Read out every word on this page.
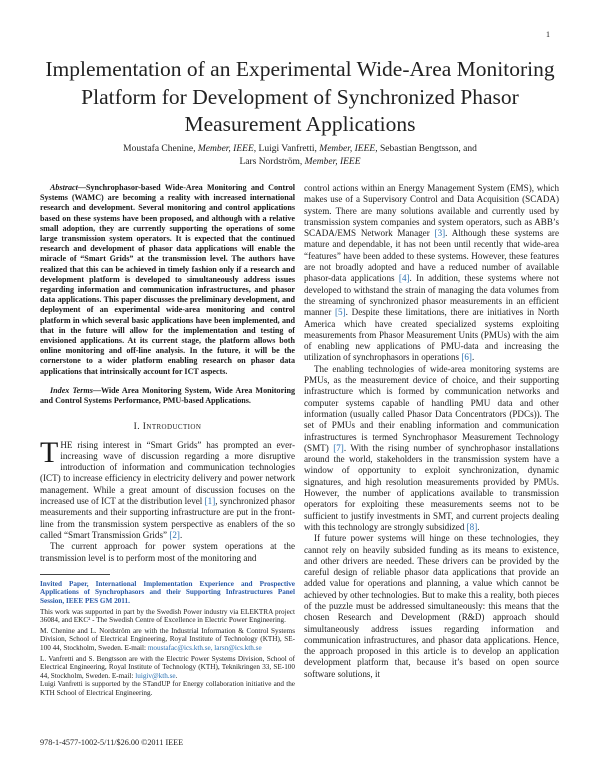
1
Implementation of an Experimental Wide-Area Monitoring Platform for Development of Synchronized Phasor Measurement Applications
Moustafa Chenine, Member, IEEE, Luigi Vanfretti, Member, IEEE, Sebastian Bengtsson, and
Lars Nordström, Member, IEEE

Abstract—Synchrophasor-based Wide-Area Monitoring and Control Systems (WAMC) are becoming a reality with increased international research and development. Several monitoring and control applications based on these systems have been proposed, and although with a relative small adoption, they are currently supporting the operations of some large transmission system operators. It is expected that the continued research and development of phasor data applications will enable the miracle of “Smart Grids” at the transmission level. The authors have realized that this can be achieved in timely fashion only if a research and development platform is developed to simultaneously address issues regarding information and communication infrastructures, and phasor data applications. This paper discusses the preliminary development, and deployment of an experimental wide-area monitoring and control platform in which several basic applications have been implemented, and that in the future will allow for the implementation and testing of envisioned applications. At its current stage, the platform allows both online monitoring and off-line analysis. In the future, it will be the cornerstone to a wider platform enabling research on phasor data applications that intrinsically account for ICT aspects.

Index Terms—Wide Area Monitoring System, Wide Area Monitoring and Control Systems Performance, PMU-based Applications.

I. Introduction

THE rising interest in “Smart Grids” has prompted an ever-increasing wave of discussion regarding a more disruptive introduction of information and communication technologies (ICT) to increase efficiency in electricity delivery and power network management. While a great amount of discussion focuses on the increased use of ICT at the distribution level [1], synchronized phasor measurements and their supporting infrastructure are put in the front-line from the transmission system perspective as enablers of the so called “Smart Transmission Grids” [2].

The current approach for power system operations at the transmission level is to perform most of the monitoring and

Invited Paper, International Implementation Experience and Prospective Applications of Synchrophasors and their Supporting Infrastructures Panel Session, IEEE PES GM 2011.

This work was supported in part by the Swedish Power industry via ELEKTRA project 36084, and EKC² - The Swedish Centre of Excellence in Electric Power Engineering.

M. Chenine and L. Nordström are with the Industrial Information & Control Systems Division, School of Electrical Engineering, Royal Institute of Technology (KTH), SE-100 44, Stockholm, Sweden. E-mail: moustafac@ics.kth.se, larsn@ics.kth.se

L. Vanfretti and S. Bengtsson are with the Electric Power Systems Division, School of Electrical Engineering, Royal Institute of Technology (KTH), Teknikringen 33, SE-100 44, Stockholm, Sweden. E-mail: luigiv@kth.se.

Luigi Vanfretti is supported by the STandUP for Energy collaboration initiative and the KTH School of Electrical Engineering.

978-1-4577-1002-5/11/$26.00 ©2011 IEEE

control actions within an Energy Management System (EMS), which makes use of a Supervisory Control and Data Acquisition (SCADA) system. There are many solutions available and currently used by transmission system companies and system operators, such as ABB’s SCADA/EMS Network Manager [3]. Although these systems are mature and dependable, it has not been until recently that wide-area “features” have been added to these systems. However, these features are not broadly adopted and have a reduced number of available phasor-data applications [4]. In addition, these systems where not developed to withstand the strain of managing the data volumes from the streaming of synchronized phasor measurements in an efficient manner [5]. Despite these limitations, there are initiatives in North America which have created specialized systems exploiting measurements from Phasor Measurement Units (PMUs) with the aim of enabling new applications of PMU-data and increasing the utilization of synchrophasors in operations [6].

The enabling technologies of wide-area monitoring systems are PMUs, as the measurement device of choice, and their supporting infrastructure which is formed by communication networks and computer systems capable of handling PMU data and other information (usually called Phasor Data Concentrators (PDCs)). The set of PMUs and their enabling information and communication infrastructures is termed Synchrophasor Measurement Technology (SMT) [7]. With the rising number of synchrophasor installations around the world, stakeholders in the transmission system have a window of opportunity to exploit synchronization, dynamic signatures, and high resolution measurements provided by PMUs. However, the number of applications available to transmission operators for exploiting these measurements seems not to be sufficient to justify investments in SMT, and current projects dealing with this technology are strongly subsidized [8].

If future power systems will hinge on these technologies, they cannot rely on heavily subsided funding as its means to existence, and other drivers are needed. These drivers can be provided by the careful design of reliable phasor data applications that provide an added value for operations and planning, a value which cannot be achieved by other technologies. But to make this a reality, both pieces of the puzzle must be addressed simultaneously: this means that the chosen Research and Development (R&D) approach should simultaneously address issues regarding information and communication infrastructures, and phasor data applications. Hence, the approach proposed in this article is to develop an application development platform that, because it’s based on open source software solutions, it
